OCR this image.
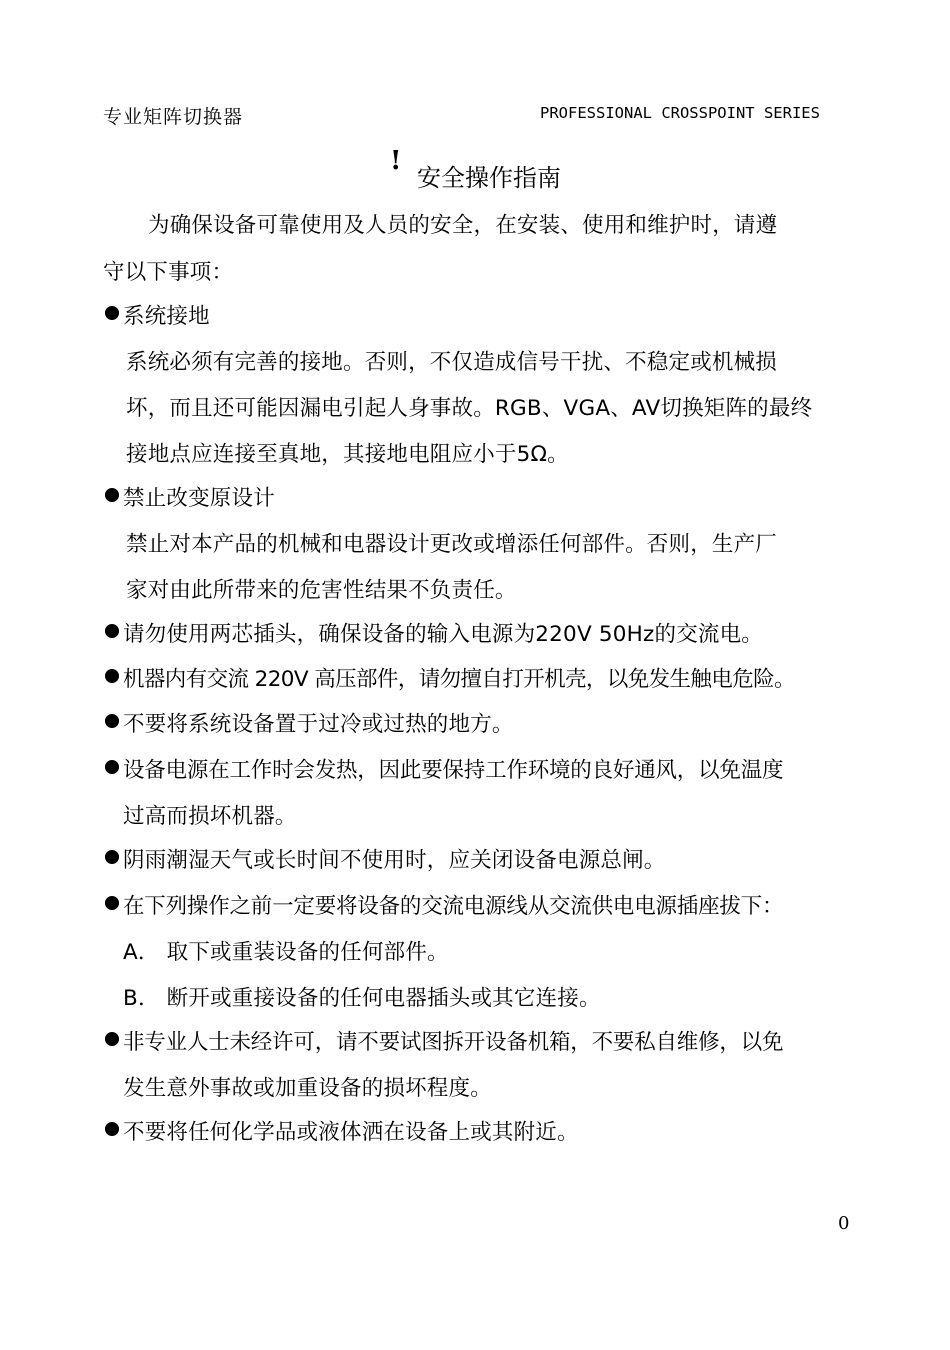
专业矩阵切换器	PROFESSIONAL CROSSPOINT SERIES
!
安全操作指南
为确保设备可靠使用及人员的安全，在安装、使用和维护时，请遵
守以下事项：
系统接地
系统必须有完善的接地。否则，不仅造成信号干扰、不稳定或机械损
坏，而且还可能因漏电引起人身事故。RGB、VGA、AV切换矩阵的最终
接地点应连接至真地，其接地电阻应小于5Ω。
禁止改变原设计
禁止对本产品的机械和电器设计更改或增添任何部件。否则，生产厂
家对由此所带来的危害性结果不负责任。
请勿使用两芯插头，确保设备的输入电源为220V 50Hz的交流电。
机器内有交流 220V 高压部件，请勿擅自打开机壳，以免发生触电危险。
不要将系统设备置于过冷或过热的地方。
设备电源在工作时会发热，因此要保持工作环境的良好通风，以免温度
过高而损坏机器。
阴雨潮湿天气或长时间不使用时，应关闭设备电源总闸。
在下列操作之前一定要将设备的交流电源线从交流供电电源插座拔下：
A． 取下或重装设备的任何部件。
B． 断开或重接设备的任何电器插头或其它连接。
非专业人士未经许可，请不要试图拆开设备机箱，不要私自维修，以免
发生意外事故或加重设备的损坏程度。
不要将任何化学品或液体洒在设备上或其附近。
0
